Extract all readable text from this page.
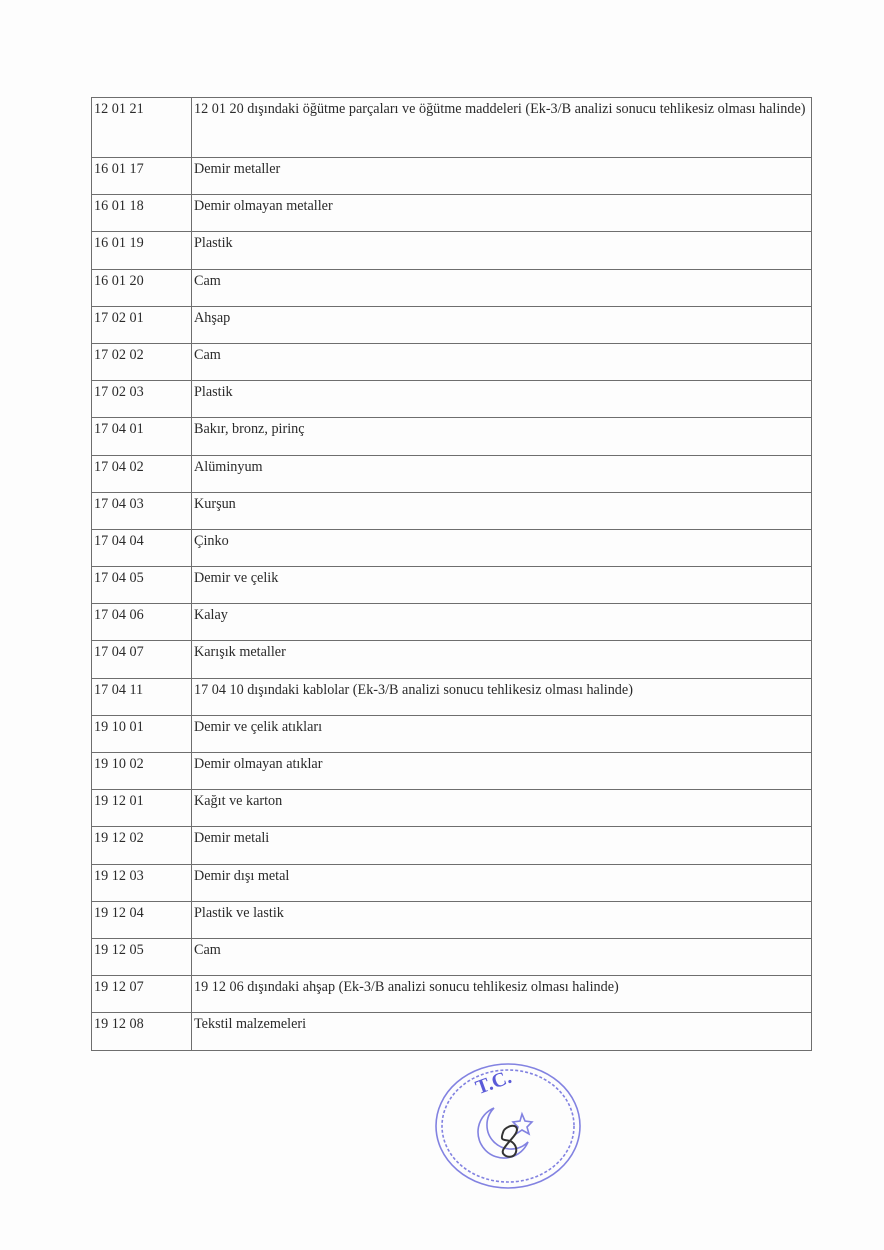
12 01 21	12 01 20 dışındaki öğütme parçaları ve öğütme maddeleri (Ek-3/B analizi sonucu tehlikesiz olması halinde)
16 01 17	Demir metaller
16 01 18	Demir olmayan metaller
16 01 19	Plastik
16 01 20	Cam
17 02 01	Ahşap
17 02 02	Cam
17 02 03	Plastik
17 04 01	Bakır, bronz, pirinç
17 04 02	Alüminyum
17 04 03	Kurşun
17 04 04	Çinko
17 04 05	Demir ve çelik
17 04 06	Kalay
17 04 07	Karışık metaller
17 04 11	17 04 10 dışındaki kablolar (Ek-3/B analizi sonucu tehlikesiz olması halinde)
19 10 01	Demir ve çelik atıkları
19 10 02	Demir olmayan atıklar
19 12 01	Kağıt ve karton
19 12 02	Demir metali
19 12 03	Demir dışı metal
19 12 04	Plastik ve lastik
19 12 05	Cam
19 12 07	19 12 06 dışındaki ahşap (Ek-3/B analizi sonucu tehlikesiz olması halinde)
19 12 08	Tekstil malzemeleri
T.C.
